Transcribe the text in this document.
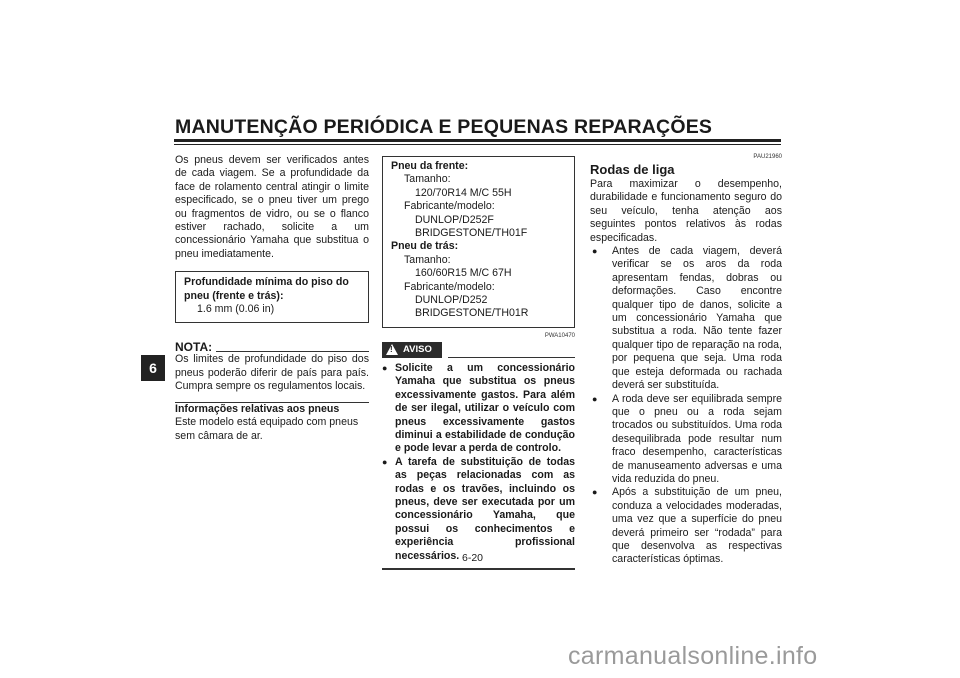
MANUTENÇÃO PERIÓDICA E PEQUENAS REPARAÇÕES
6

Os pneus devem ser verificados antes de cada viagem. Se a profundidade da face de rolamento central atingir o limite especificado, se o pneu tiver um prego ou fragmentos de vidro, ou se o flanco estiver rachado, solicite a um concessionário Yamaha que substitua o pneu imediatamente.

Profundidade mínima do piso do pneu (frente e trás):
1.6 mm (0.06 in)
NOTA:

Os limites de profundidade do piso dos pneus poderão diferir de país para país. Cumpra sempre os regulamentos locais.

Informações relativas aos pneus

Este modelo está equipado com pneus sem câmara de ar.

Pneu da frente:
Tamanho:
120/70R14 M/C 55H
Fabricante/modelo:
DUNLOP/D252F
BRIDGESTONE/TH01F
Pneu de trás:
Tamanho:
160/60R15 M/C 67H
Fabricante/modelo:
DUNLOP/D252
BRIDGESTONE/TH01R
PWA10470
! AVISO
● Solicite a um concessionário Yamaha que substitua os pneus excessivamente gastos. Para além de ser ilegal, utilizar o veículo com pneus excessivamente gastos diminui a estabilidade de condução e pode levar a perda de controlo.
● A tarefa de substituição de todas as peças relacionadas com as rodas e os travões, incluindo os pneus, deve ser executada por um concessionário Yamaha, que possui os conhecimentos e experiência profissional necessários.
PAU21960
Rodas de liga

Para maximizar o desempenho, durabilidade e funcionamento seguro do seu veículo, tenha atenção aos seguintes pontos relativos às rodas especificadas.

●	Antes de cada viagem, deverá verificar se os aros da roda apresentam fendas, dobras ou deformações. Caso encontre qualquer tipo de danos, solicite a um concessionário Yamaha que substitua a roda. Não tente fazer qualquer tipo de reparação na roda, por pequena que seja. Uma roda que esteja deformada ou rachada deverá ser substituída.
●	A roda deve ser equilibrada sempre que o pneu ou a roda sejam trocados ou substituídos. Uma roda desequilibrada pode resultar num fraco desempenho, características de manuseamento adversas e uma vida reduzida do pneu.
●	Após a substituição de um pneu, conduza a velocidades moderadas, uma vez que a superfície do pneu deverá primeiro ser “rodada” para que desenvolva as respectivas características óptimas.
6-20
carmanualsonline.info
